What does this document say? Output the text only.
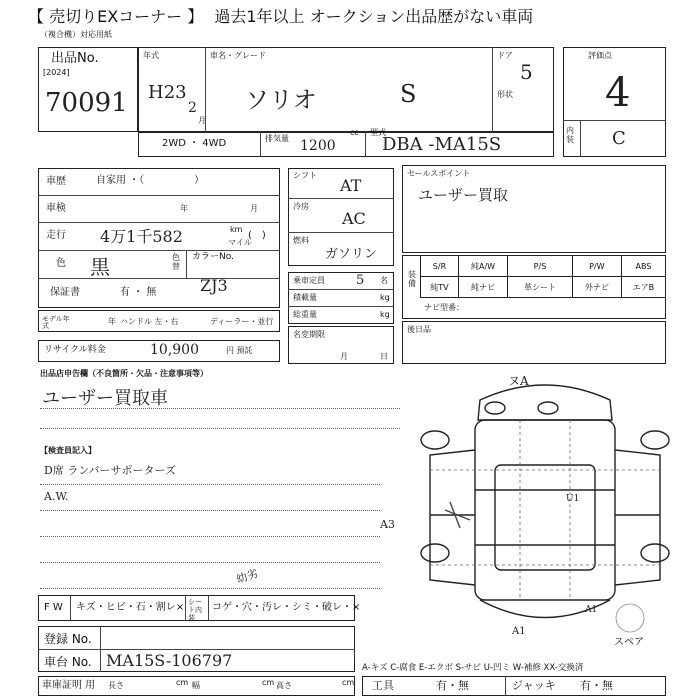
【 売切りEXコーナー 】 過去1年以上 オークション出品歴がない車両
（複合機）対応用紙
出品No.
[2024]
70091
年式
H23
2
月
車名・グレード
ソリオ	S
ドア
5
形状
評価点
4
内装 C
2WD ・ 4WD	排気量
cc
1200
型式
DBA -MA15S
車歴	自家用 ・（　　　　　）
車検	年	月
走行 4万1千582	km
マイル
(　)
色 黒	色替
カラーNo.
ZJ3
保証書	有 ・ 無
モデル年式	年 ハンドル 左・右	ディーラー・並行
リサイクル料金	10,900	円 預託
シフト
AT
冷房
AC
燃料
ガソリン
乗車定員 5 名
積載量	kg
総重量	kg
名変期限
月	日
セールスポイント
ユーザー買取
装備
S/R	純A/W	P/S	P/W	ABS
純TV	純ナビ	革シート	外ナビ	エアB
ナビ型番：
後日品
出品店申告欄（不良箇所・欠品・注意事項等）
ユーザー買取車
【検査員記入】
D席 ランバーサポーターズ
A.W.
ヌA
A3
U1
幼劣
A1
A1
スペア
F W キズ・ヒビ・石・割レ× シート内装
コゲ・穴・汚レ・シミ・破レ・×
登録 No.
車台 No. MA15S-106797
車庫証明 用 長さ	cm 幅	cm 高さ	cm
A-キズ C-腐食 E-エクボ S-サビ U-凹ミ W-補修 XX-交換済
工具	有・無	ジャッキ 有・無
